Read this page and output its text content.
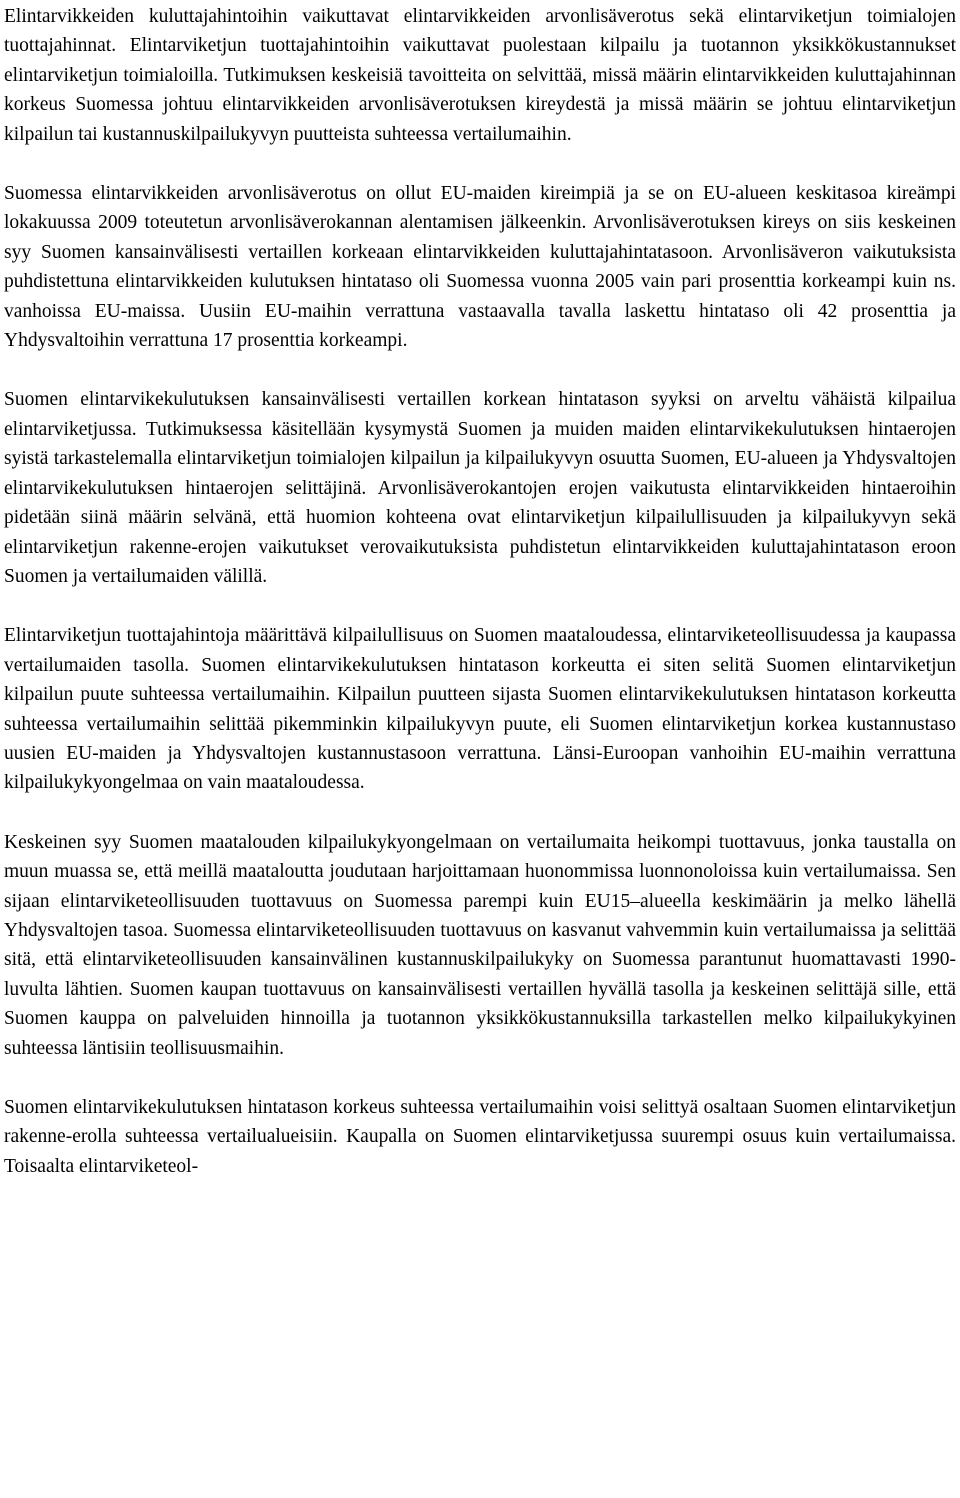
Elintarvikkeiden kuluttajahintoihin vaikuttavat elintarvikkeiden arvonlisäverotus sekä elintarviketjun toimialojen tuottajahinnat. Elintarviketjun tuottajahintoihin vaikuttavat puolestaan kilpailu ja tuotannon yksikkökustannukset elintarviketjun toimialoilla. Tutkimuksen keskeisiä tavoitteita on selvittää, missä määrin elintarvikkeiden kuluttajahinnan korkeus Suomessa johtuu elintarvikkeiden arvonlisäverotuksen kireydestä ja missä määrin se johtuu elintarviketjun kilpailun tai kustannuskilpailukyvyn puutteista suhteessa vertailumaihin.

Suomessa elintarvikkeiden arvonlisäverotus on ollut EU-maiden kireimpiä ja se on EU-alueen keskitasoa kireämpi lokakuussa 2009 toteutetun arvonlisäverokannan alentamisen jälkeenkin. Arvonlisäverotuksen kireys on siis keskeinen syy Suomen kansainvälisesti vertaillen korkeaan elintarvikkeiden kuluttajahintatasoon. Arvonlisäveron vaikutuksista puhdistettuna elintarvikkeiden kulutuksen hintataso oli Suomessa vuonna 2005 vain pari prosenttia korkeampi kuin ns. vanhoissa EU-maissa. Uusiin EU-maihin verrattuna vastaavalla tavalla laskettu hintataso oli 42 prosenttia ja Yhdysvaltoihin verrattuna 17 prosenttia korkeampi.

Suomen elintarvikekulutuksen kansainvälisesti vertaillen korkean hintatason syyksi on arveltu vähäistä kilpailua elintarviketjussa. Tutkimuksessa käsitellään kysymystä Suomen ja muiden maiden elintarvikekulutuksen hintaerojen syistä tarkastelemalla elintarviketjun toimialojen kilpailun ja kilpailukyvyn osuutta Suomen, EU-alueen ja Yhdysvaltojen elintarvikekulutuksen hintaerojen selittäjinä. Arvonlisäverokantojen erojen vaikutusta elintarvikkeiden hintaeroihin pidetään siinä määrin selvänä, että huomion kohteena ovat elintarviketjun kilpailullisuuden ja kilpailukyvyn sekä elintarviketjun rakenne-erojen vaikutukset verovaikutuksista puhdistetun elintarvikkeiden kuluttajahintatason eroon Suomen ja vertailumaiden välillä.

Elintarviketjun tuottajahintoja määrittävä kilpailullisuus on Suomen maataloudessa, elintarviketeollisuudessa ja kaupassa vertailumaiden tasolla. Suomen elintarvikekulutuksen hintatason korkeutta ei siten selitä Suomen elintarviketjun kilpailun puute suhteessa vertailumaihin. Kilpailun puutteen sijasta Suomen elintarvikekulutuksen hintatason korkeutta suhteessa vertailumaihin selittää pikemminkin kilpailukyvyn puute, eli Suomen elintarviketjun korkea kustannustaso uusien EU-maiden ja Yhdysvaltojen kustannustasoon verrattuna. Länsi-Euroopan vanhoihin EU-maihin verrattuna kilpailukykyongelmaa on vain maataloudessa.

Keskeinen syy Suomen maatalouden kilpailukykyongelmaan on vertailumaita heikompi tuottavuus, jonka taustalla on muun muassa se, että meillä maataloutta joudutaan harjoittamaan huonommissa luonnonoloissa kuin vertailumaissa. Sen sijaan elintarviketeollisuuden tuottavuus on Suomessa parempi kuin EU15–alueella keskimäärin ja melko lähellä Yhdysvaltojen tasoa. Suomessa elintarviketeollisuuden tuottavuus on kasvanut vahvemmin kuin vertailumaissa ja selittää sitä, että elintarviketeollisuuden kansainvälinen kustannuskilpailukyky on Suomessa parantunut huomattavasti 1990-luvulta lähtien. Suomen kaupan tuottavuus on kansainvälisesti vertaillen hyvällä tasolla ja keskeinen selittäjä sille, että Suomen kauppa on palveluiden hinnoilla ja tuotannon yksikkökustannuksilla tarkastellen melko kilpailukykyinen suhteessa läntisiin teollisuusmaihin.

Suomen elintarvikekulutuksen hintatason korkeus suhteessa vertailumaihin voisi selittyä osaltaan Suomen elintarviketjun rakenne-erolla suhteessa vertailualueisiin. Kaupalla on Suomen elintarviketjussa suurempi osuus kuin vertailumaissa. Toisaalta elintarviketeol-
